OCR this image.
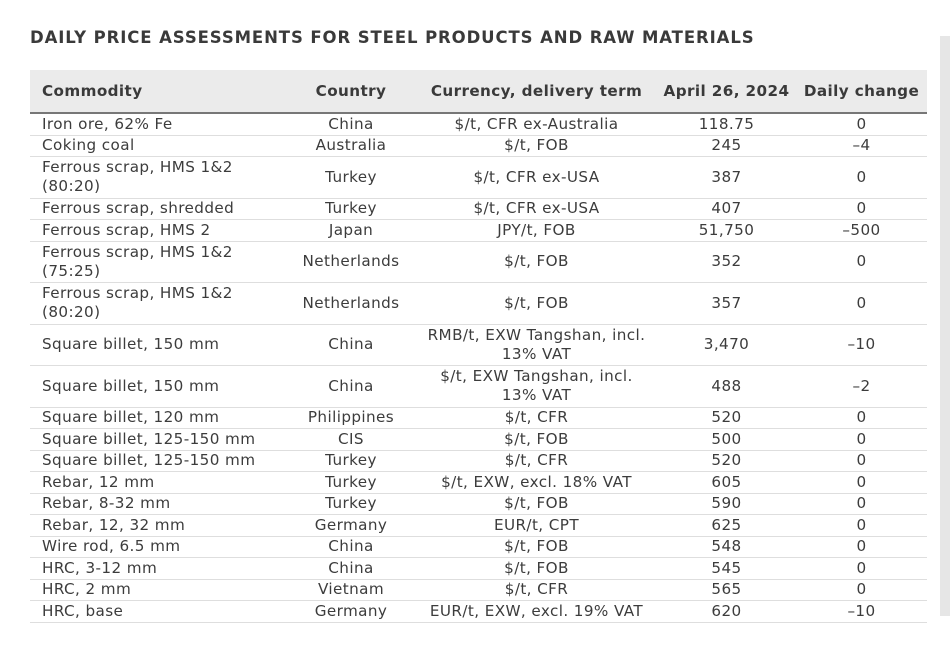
DAILY PRICE ASSESSMENTS FOR STEEL PRODUCTS AND RAW MATERIALS
Commodity	Country	Currency, delivery term	April 26, 2024	Daily change
Iron ore, 62% Fe	China	$/t, CFR ex-Australia	118.75	0
Coking coal	Australia	$/t, FOB	245	–4
Ferrous scrap, HMS 1&2 (80:20)	Turkey	$/t, CFR ex-USA	387	0
Ferrous scrap, shredded	Turkey	$/t, CFR ex-USA	407	0
Ferrous scrap, HMS 2	Japan	JPY/t, FOB	51,750	–500
Ferrous scrap, HMS 1&2 (75:25)	Netherlands	$/t, FOB	352	0
Ferrous scrap, HMS 1&2 (80:20)	Netherlands	$/t, FOB	357	0
Square billet, 150 mm	China	RMB/t, EXW Tangshan, incl. 13% VAT	3,470	–10
Square billet, 150 mm	China	$/t, EXW Tangshan, incl. 13% VAT	488	–2
Square billet, 120 mm	Philippines	$/t, CFR	520	0
Square billet, 125-150 mm	CIS	$/t, FOB	500	0
Square billet, 125-150 mm	Turkey	$/t, CFR	520	0
Rebar, 12 mm	Turkey	$/t, EXW, excl. 18% VAT	605	0
Rebar, 8-32 mm	Turkey	$/t, FOB	590	0
Rebar, 12, 32 mm	Germany	EUR/t, CPT	625	0
Wire rod, 6.5 mm	China	$/t, FOB	548	0
HRC, 3-12 mm	China	$/t, FOB	545	0
HRC, 2 mm	Vietnam	$/t, CFR	565	0
HRC, base	Germany	EUR/t, EXW, excl. 19% VAT	620	–10
